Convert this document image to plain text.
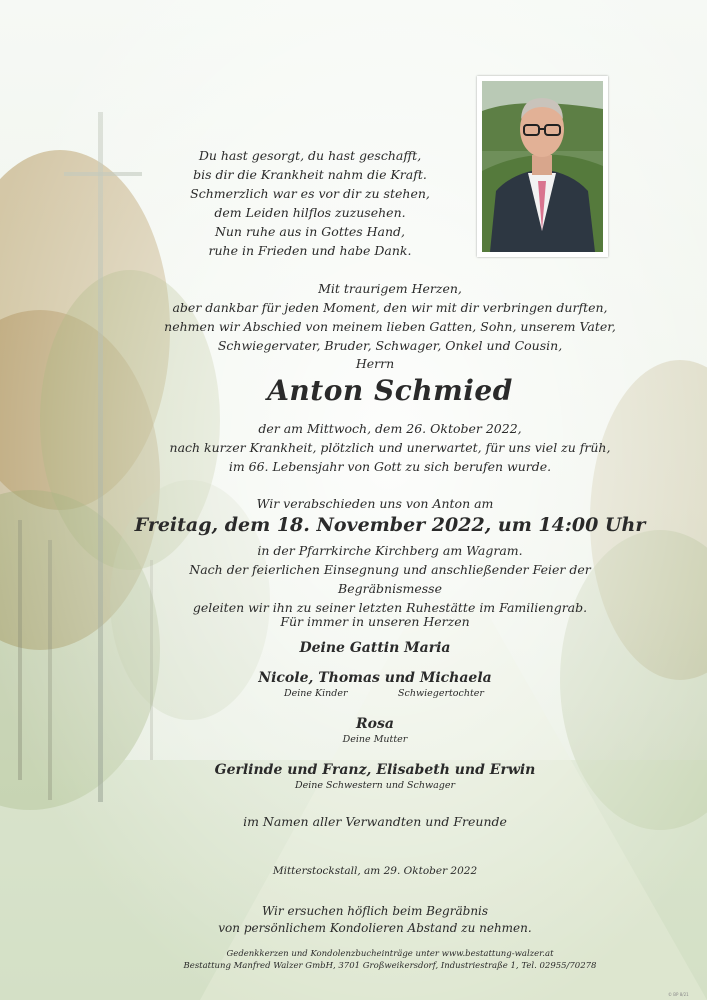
Du hast gesorgt, du hast geschafft,
bis dir die Krankheit nahm die Kraft.
Schmerzlich war es vor dir zu stehen,
dem Leiden hilflos zuzusehen.
Nun ruhe aus in Gottes Hand,
ruhe in Frieden und habe Dank.
Mit traurigem Herzen,
aber dankbar für jeden Moment, den wir mit dir verbringen durften,
nehmen wir Abschied von meinem lieben Gatten, Sohn, unserem Vater,
Schwiegervater, Bruder, Schwager, Onkel und Cousin,
Herrn
Anton Schmied
der am Mittwoch, dem 26. Oktober 2022,
nach kurzer Krankheit, plötzlich und unerwartet, für uns viel zu früh,
im 66. Lebensjahr von Gott zu sich berufen wurde.
Wir verabschieden uns von Anton am
Freitag, dem 18. November 2022, um 14:00 Uhr
in der Pfarrkirche Kirchberg am Wagram.
Nach der feierlichen Einsegnung und anschließender Feier der Begräbnismesse
geleiten wir ihn zu seiner letzten Ruhestätte im Familiengrab.
Für immer in unseren Herzen
Deine Gattin Maria
Nicole, Thomas und Michaela
Deine Kinder	Schwiegertochter
Rosa
Deine Mutter
Gerlinde und Franz, Elisabeth und Erwin
Deine Schwestern und Schwager
im Namen aller Verwandten und Freunde
Mitterstockstall, am 29. Oktober 2022
Wir ersuchen höflich beim Begräbnis
von persönlichem Kondolieren Abstand zu nehmen.
Gedenkkerzen und Kondolenzbucheinträge unter www.bestattung-walzer.at
Bestattung Manfred Walzer GmbH, 3701 Großweikersdorf, Industriestraße 1, Tel. 02955/70278
© BP 8/21
